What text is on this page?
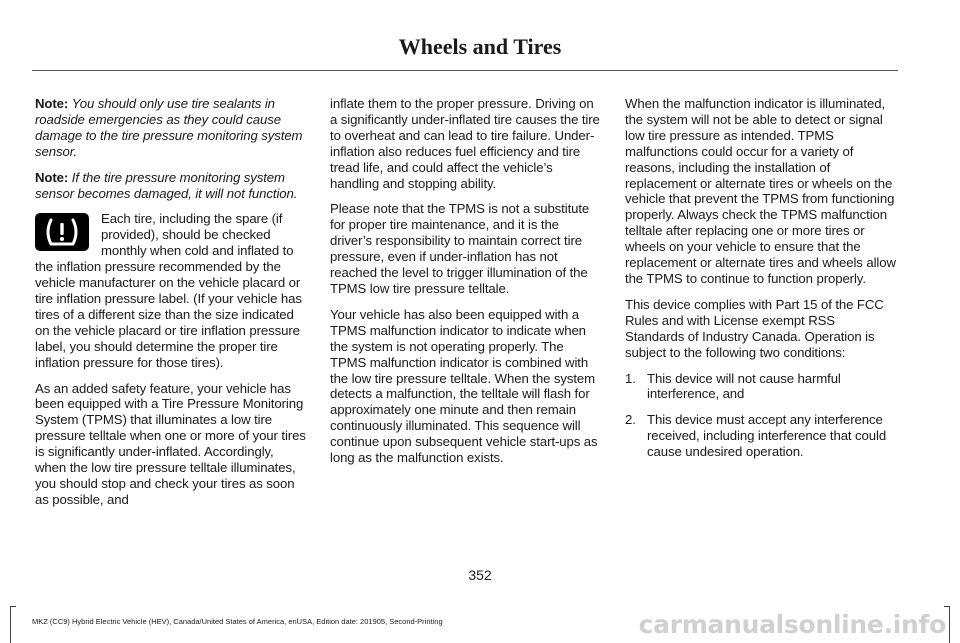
Wheels and Tires

Note: You should only use tire sealants in roadside emergencies as they could cause damage to the tire pressure monitoring system sensor.

Note: If the tire pressure monitoring system sensor becomes damaged, it will not function.

Each tire, including the spare (if provided), should be checked monthly when cold and inflated to the inflation pressure recommended by the vehicle manufacturer on the vehicle placard or tire inflation pressure label. (If your vehicle has tires of a different size than the size indicated on the vehicle placard or tire inflation pressure label, you should determine the proper tire inflation pressure for those tires).

As an added safety feature, your vehicle has been equipped with a Tire Pressure Monitoring System (TPMS) that illuminates a low tire pressure telltale when one or more of your tires is significantly under-inflated. Accordingly, when the low tire pressure telltale illuminates, you should stop and check your tires as soon as possible, and

inflate them to the proper pressure. Driving on a significantly under-inflated tire causes the tire to overheat and can lead to tire failure. Under-inflation also reduces fuel efficiency and tire tread life, and could affect the vehicle’s handling and stopping ability.

Please note that the TPMS is not a substitute for proper tire maintenance, and it is the driver’s responsibility to maintain correct tire pressure, even if under-inflation has not reached the level to trigger illumination of the TPMS low tire pressure telltale.

Your vehicle has also been equipped with a TPMS malfunction indicator to indicate when the system is not operating properly. The TPMS malfunction indicator is combined with the low tire pressure telltale. When the system detects a malfunction, the telltale will flash for approximately one minute and then remain continuously illuminated. This sequence will continue upon subsequent vehicle start-ups as long as the malfunction exists.

When the malfunction indicator is illuminated, the system will not be able to detect or signal low tire pressure as intended. TPMS malfunctions could occur for a variety of reasons, including the installation of replacement or alternate tires or wheels on the vehicle that prevent the TPMS from functioning properly. Always check the TPMS malfunction telltale after replacing one or more tires or wheels on your vehicle to ensure that the replacement or alternate tires and wheels allow the TPMS to continue to function properly.

This device complies with Part 15 of the FCC Rules and with License exempt RSS Standards of Industry Canada. Operation is subject to the following two conditions:

1. This device will not cause harmful interference, and
2. This device must accept any interference received, including interference that could cause undesired operation.
352
MKZ (CC9) Hybrid Electric Vehicle (HEV), Canada/United States of America, enUSA, Edition date: 201905, Second-Printing	carmanualsonline.info
